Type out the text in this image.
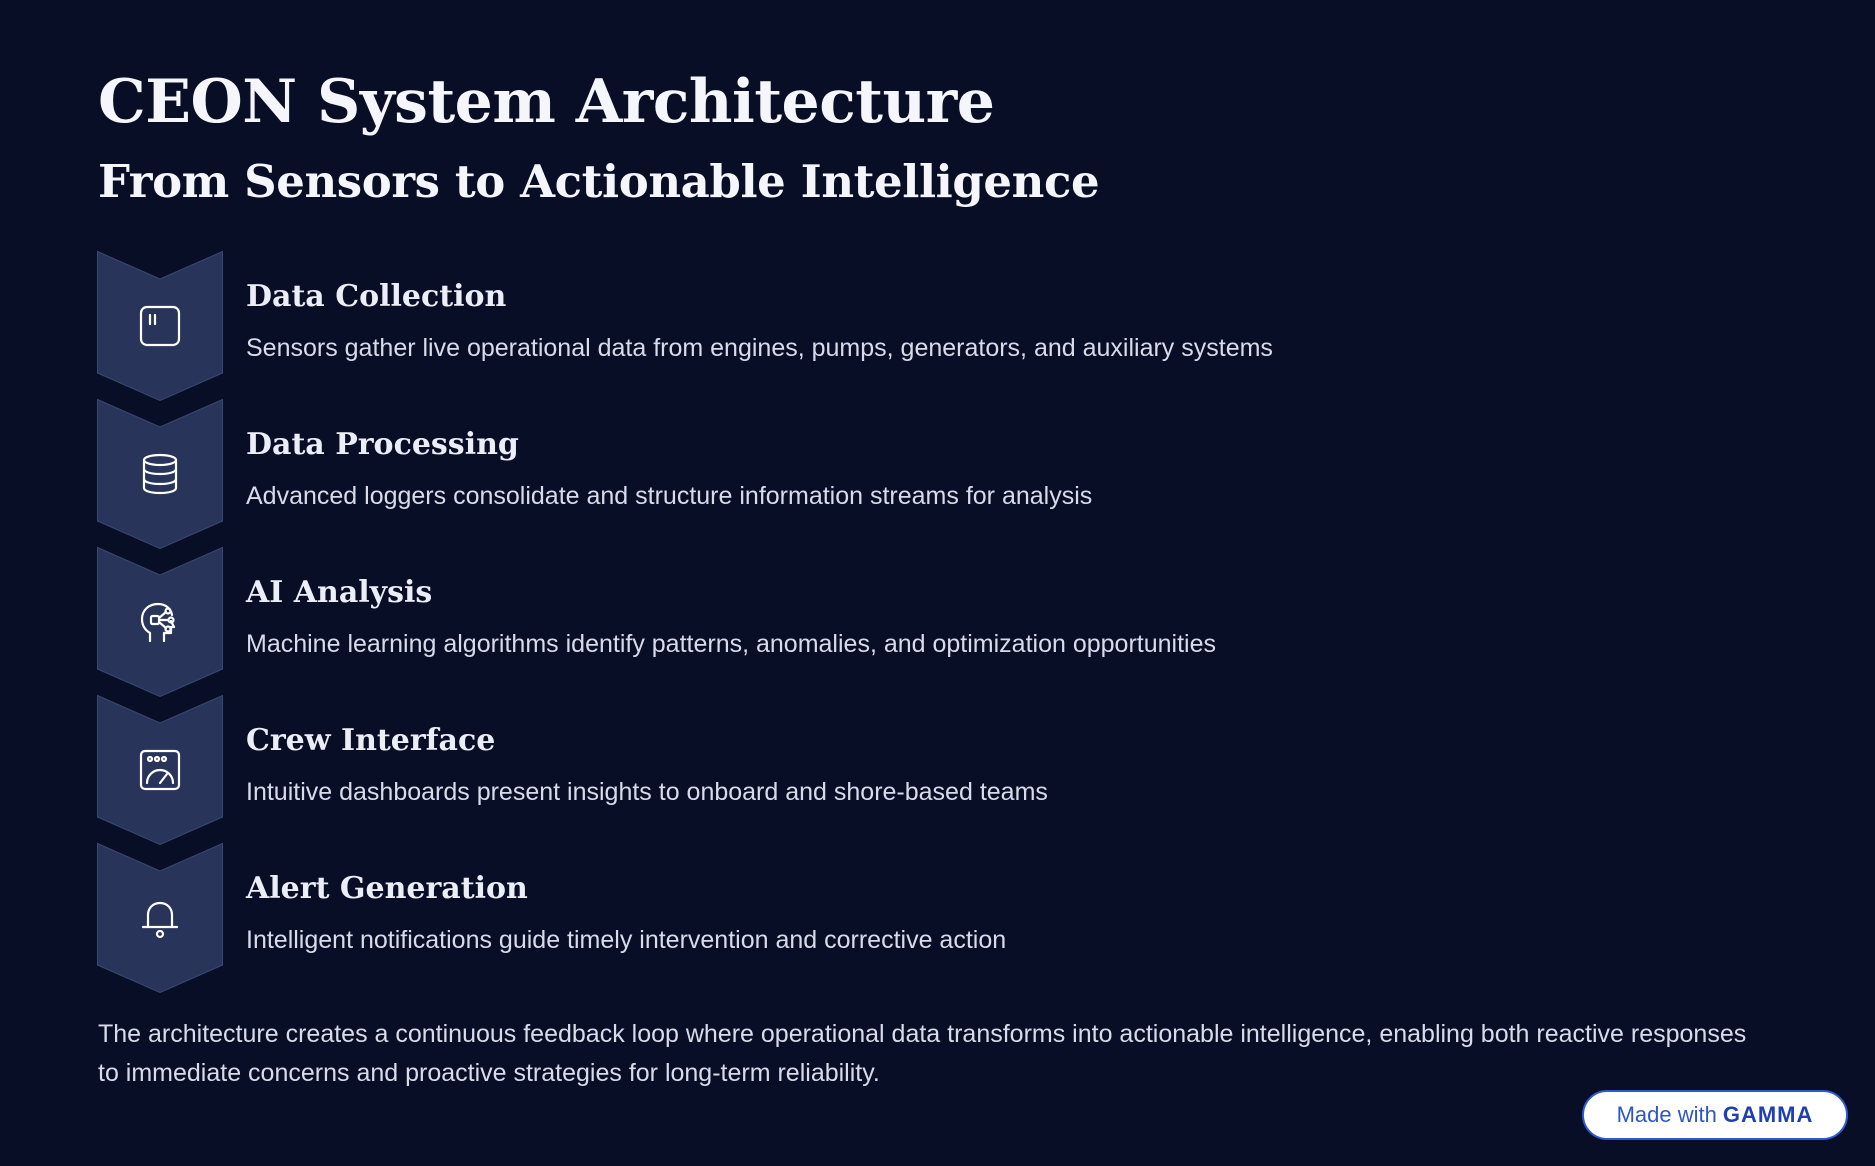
CEON System Architecture
From Sensors to Actionable Intelligence
Data Collection

Sensors gather live operational data from engines, pumps, generators, and auxiliary systems

Data Processing

Advanced loggers consolidate and structure information streams for analysis

AI Analysis

Machine learning algorithms identify patterns, anomalies, and optimization opportunities

Crew Interface

Intuitive dashboards present insights to onboard and shore-based teams

Alert Generation

Intelligent notifications guide timely intervention and corrective action

The architecture creates a continuous feedback loop where operational data transforms into actionable intelligence, enabling both reactive responses to immediate concerns and proactive strategies for long-term reliability.

Made with GAMMA
